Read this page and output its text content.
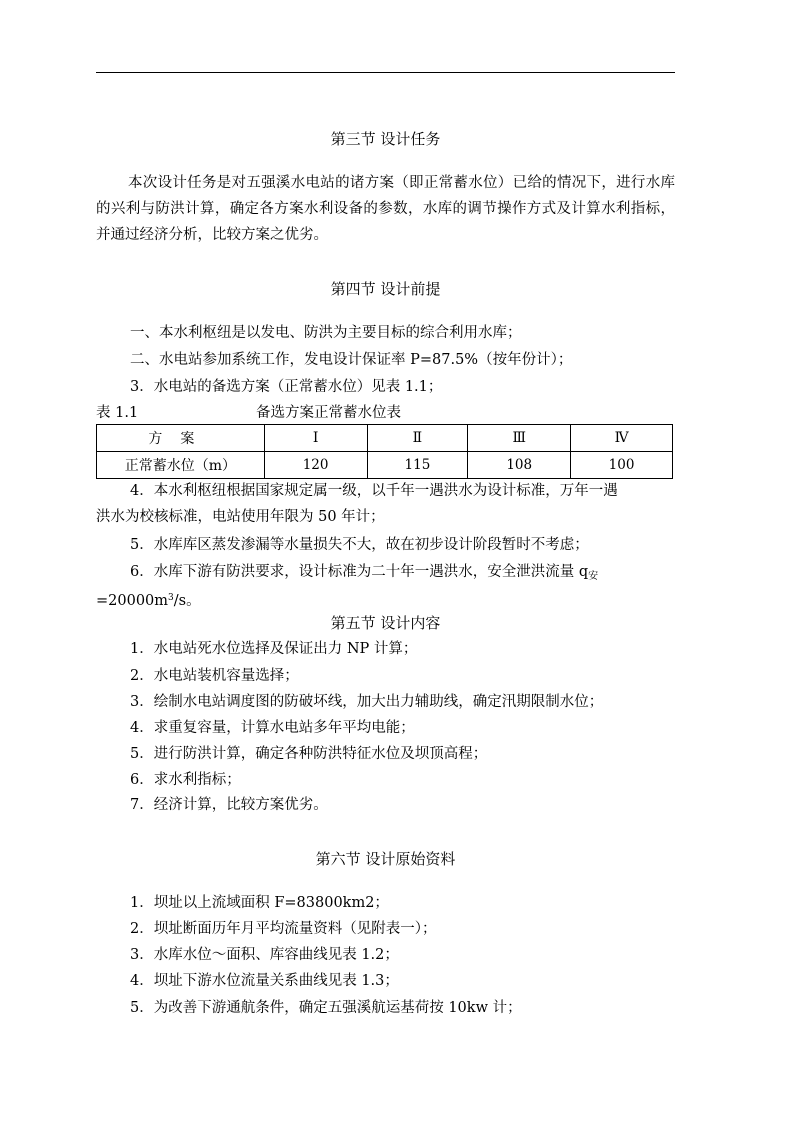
第三节 设计任务
本次设计任务是对五强溪水电站的诸方案（即正常蓄水位）已给的情况下，进行水库的兴利与防洪计算，确定各方案水利设备的参数，水库的调节操作方式及计算水利指标，并通过经济分析，比较方案之优劣。
第四节 设计前提
一、本水利枢纽是以发电、防洪为主要目标的综合利用水库；
二、水电站参加系统工作，发电设计保证率 P=87.5%（按年份计）；
3．水电站的备选方案（正常蓄水位）见表 1.1；
表 1.1	备选方案正常蓄水位表
方案	Ⅰ	Ⅱ	Ⅲ	Ⅳ
正常蓄水位（m）	120	115	108	100
4．本水利枢纽根据国家规定属一级，以千年一遇洪水为设计标准，万年一遇
洪水为校核标准，电站使用年限为 50 年计；
5．水库库区蒸发渗漏等水量损失不大，故在初步设计阶段暂时不考虑；
6．水库下游有防洪要求，设计标准为二十年一遇洪水，安全泄洪流量 $q_安$
$=20000m^3/s$。
第五节 设计内容
1．水电站死水位选择及保证出力 NP 计算；
2．水电站装机容量选择；
3．绘制水电站调度图的防破坏线，加大出力辅助线，确定汛期限制水位；
4．求重复容量，计算水电站多年平均电能；
5．进行防洪计算，确定各种防洪特征水位及坝顶高程；
6．求水利指标；
7．经济计算，比较方案优劣。
第六节 设计原始资料
1．坝址以上流域面积 F=83800km2；
2．坝址断面历年月平均流量资料（见附表一）；
3．水库水位～面积、库容曲线见表 1.2；
4．坝址下游水位流量关系曲线见表 1.3；
5．为改善下游通航条件，确定五强溪航运基荷按 10kw 计；
